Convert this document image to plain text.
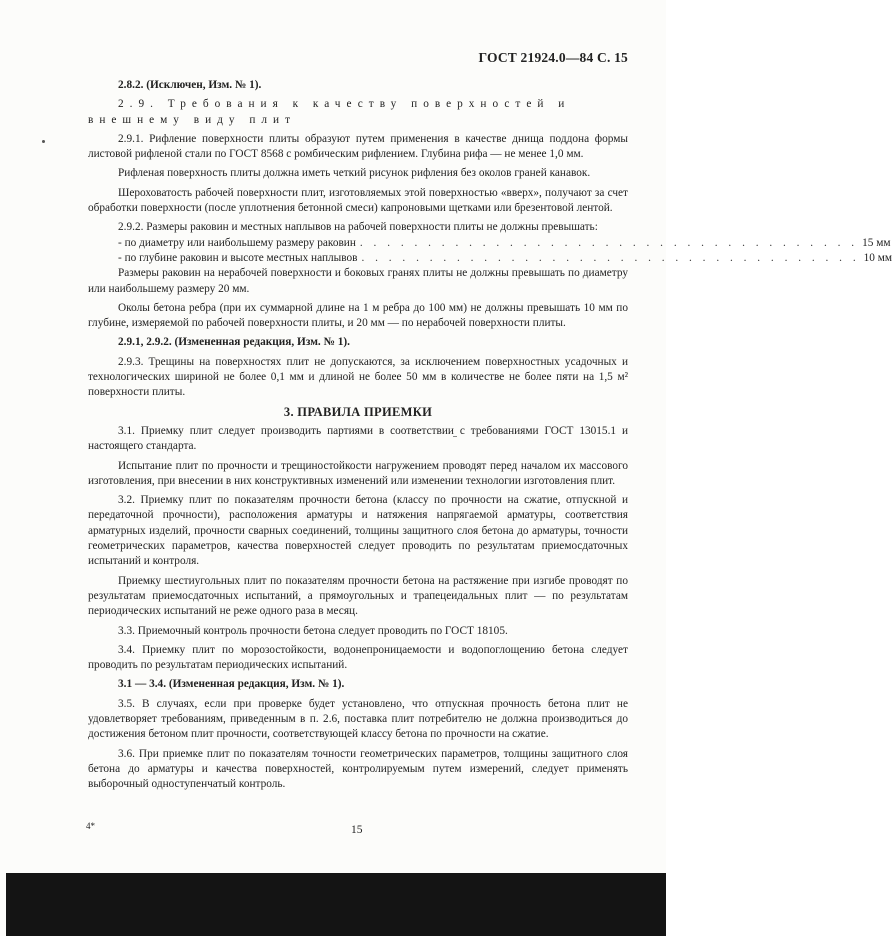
ГОСТ 21924.0—84 С. 15

2.8.2. (Исключен, Изм. № 1).

2.9. Требования к качеству поверхностей и внешнему виду плит

2.9.1. Рифление поверхности плиты образуют путем применения в качестве днища поддона формы листовой рифленой стали по ГОСТ 8568 с ромбическим рифлением. Глубина рифа — не менее 1,0 мм.

Рифленая поверхность плиты должна иметь четкий рисунок рифления без околов граней канавок.

Шероховатость рабочей поверхности плит, изготовляемых этой поверхностью «вверх», получают за счет обработки поверхности (после уплотнения бетонной смеси) капроновыми щетками или брезентовой лентой.

2.9.2. Размеры раковин и местных наплывов на рабочей поверхности плиты не должны превышать:

- по диаметру или наибольшему размеру раковин . . . . . . . . . . . . . . . . . . . . . . . . . . . . . . . . . . . . . 15 мм
- по глубине раковин и высоте местных наплывов . . . . . . . . . . . . . . . . . . . . . . . . . . . . . . . . . . . . . 10 мм

Размеры раковин на нерабочей поверхности и боковых гранях плиты не должны превышать по диаметру или наибольшему размеру 20 мм.

Околы бетона ребра (при их суммарной длине на 1 м ребра до 100 мм) не должны превышать 10 мм по глубине, измеряемой по рабочей поверхности плиты, и 20 мм — по нерабочей поверхности плиты.

2.9.1, 2.9.2. (Измененная редакция, Изм. № 1).

2.9.3. Трещины на поверхностях плит не допускаются, за исключением поверхностных усадочных и технологических шириной не более 0,1 мм и длиной не более 50 мм в количестве не более пяти на 1,5 м² поверхности плиты.

3. ПРАВИЛА ПРИЕМКИ

3.1. Приемку плит следует производить партиями в соответствии с требованиями ГОСТ 13015.1 и настоящего стандарта.

Испытание плит по прочности и трещиностойкости нагружением проводят перед началом их массового изготовления, при внесении в них конструктивных изменений или изменении технологии изготовления плит.

3.2. Приемку плит по показателям прочности бетона (классу по прочности на сжатие, отпускной и передаточной прочности), расположения арматуры и натяжения напрягаемой арматуры, соответствия арматурных изделий, прочности сварных соединений, толщины защитного слоя бетона до арматуры, точности геометрических параметров, качества поверхностей следует проводить по результатам приемосдаточных испытаний и контроля.

Приемку шестиугольных плит по показателям прочности бетона на растяжение при изгибе проводят по результатам приемосдаточных испытаний, а прямоугольных и трапецеидальных плит — по результатам периодических испытаний не реже одного раза в месяц.

3.3. Приемочный контроль прочности бетона следует проводить по ГОСТ 18105.

3.4. Приемку плит по морозостойкости, водонепроницаемости и водопоглощению бетона следует проводить по результатам периодических испытаний.

3.1 — 3.4. (Измененная редакция, Изм. № 1).

3.5. В случаях, если при проверке будет установлено, что отпускная прочность бетона плит не удовлетворяет требованиям, приведенным в п. 2.6, поставка плит потребителю не должна производиться до достижения бетоном плит прочности, соответствующей классу бетона по прочности на сжатие.

3.6. При приемке плит по показателям точности геометрических параметров, толщины защитного слоя бетона до арматуры и качества поверхностей, контролируемым путем измерений, следует применять выборочный одноступенчатый контроль.

4*	15
